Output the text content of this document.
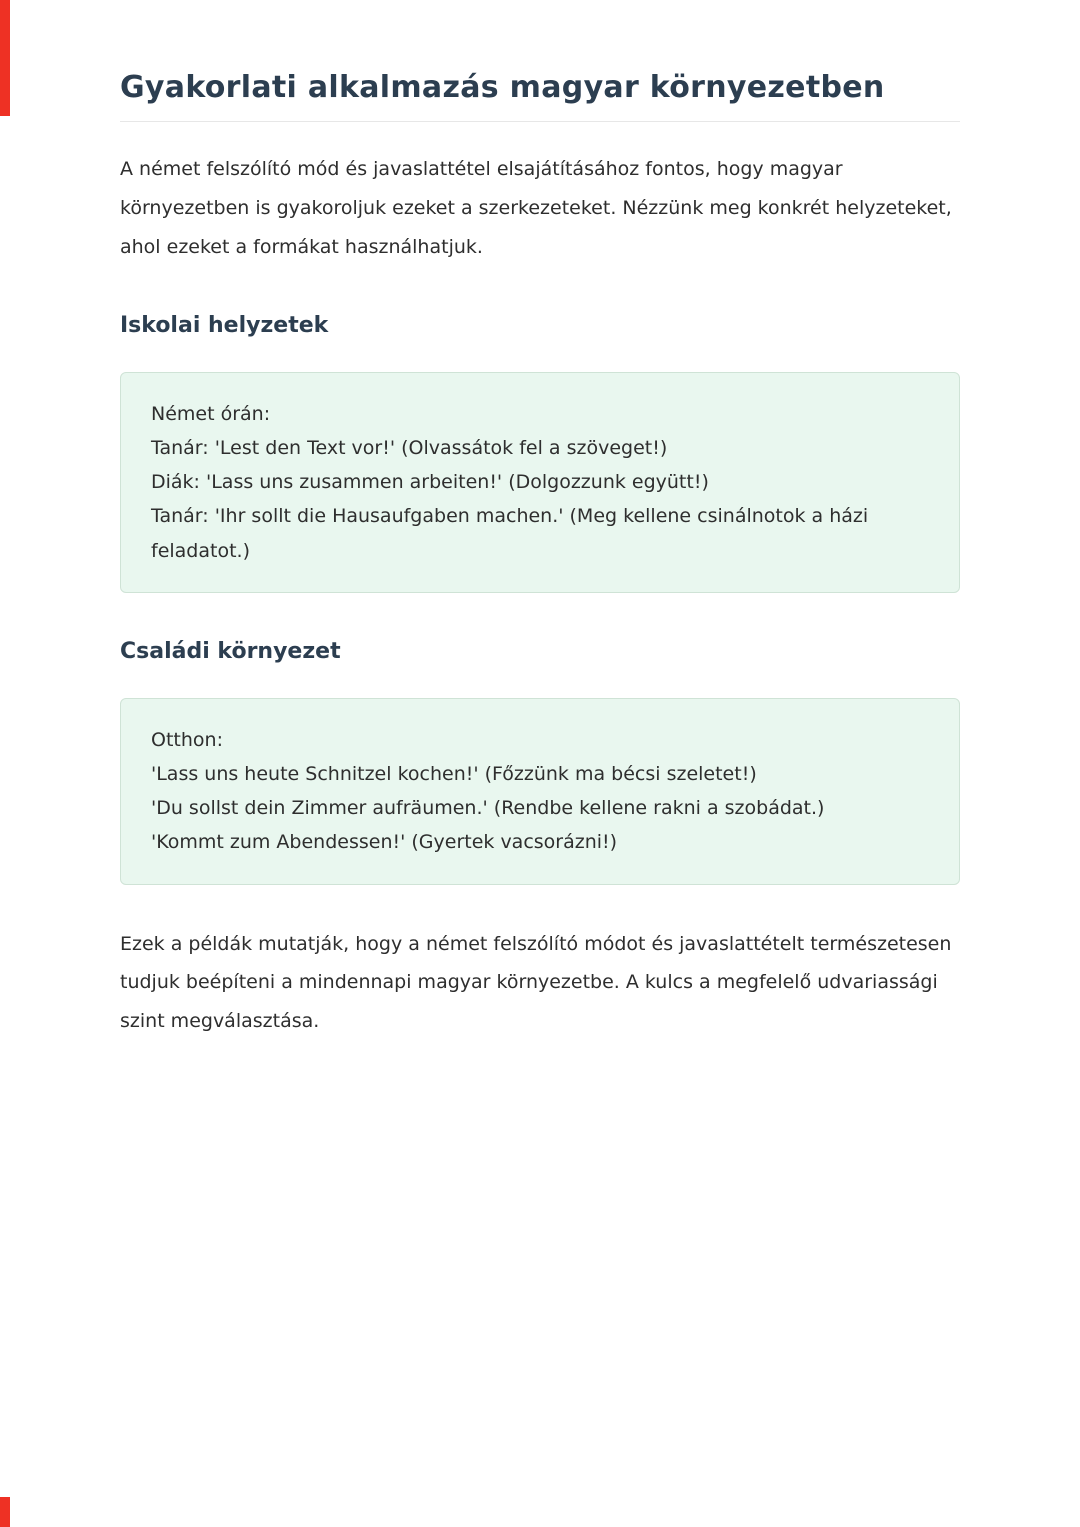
Gyakorlati alkalmazás magyar környezetben

A német felszólító mód és javaslattétel elsajátításához fontos, hogy magyar környezetben is gyakoroljuk ezeket a szerkezeteket. Nézzünk meg konkrét helyzeteket, ahol ezeket a formákat használhatjuk.

Iskolai helyzetek
Német órán:
Tanár: 'Lest den Text vor!' (Olvassátok fel a szöveget!)
Diák: 'Lass uns zusammen arbeiten!' (Dolgozzunk együtt!)
Tanár: 'Ihr sollt die Hausaufgaben machen.' (Meg kellene csinálnotok a házi feladatot.)
Családi környezet
Otthon:
'Lass uns heute Schnitzel kochen!' (Főzzünk ma bécsi szeletet!)
'Du sollst dein Zimmer aufräumen.' (Rendbe kellene rakni a szobádat.)
'Kommt zum Abendessen!' (Gyertek vacsorázni!)

Ezek a példák mutatják, hogy a német felszólító módot és javaslattételt természetesen tudjuk beépíteni a mindennapi magyar környezetbe. A kulcs a megfelelő udvariassági szint megválasztása.
